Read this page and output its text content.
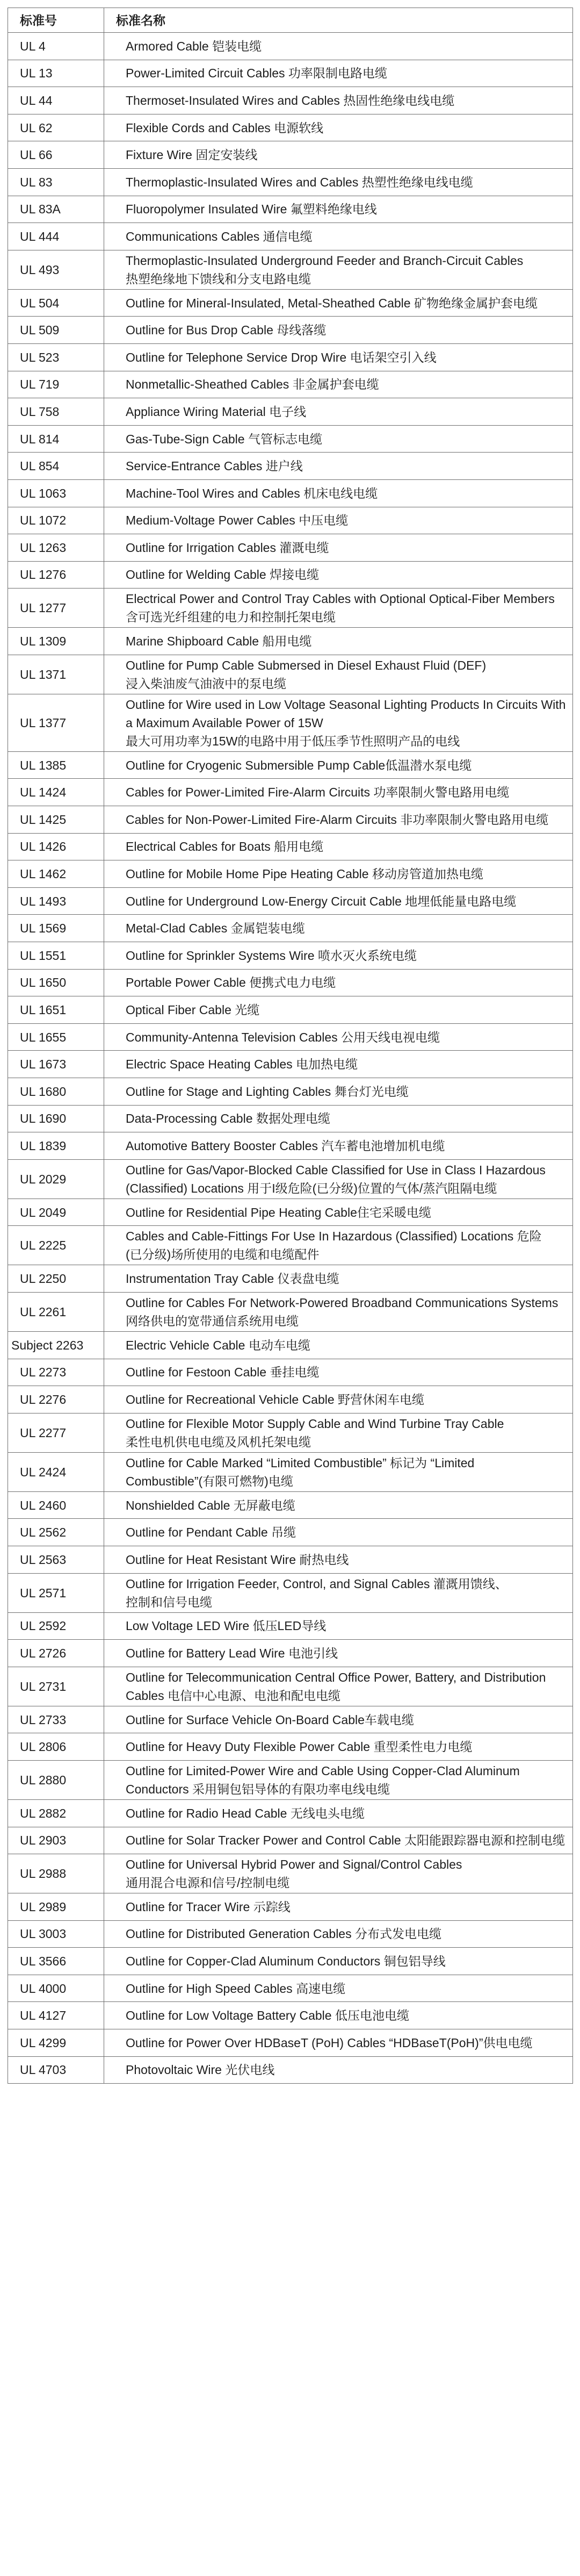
标准号	标准名称
UL 4	Armored Cable 铠装电缆
UL 13	Power-Limited Circuit Cables 功率限制电路电缆
UL 44	Thermoset-Insulated Wires and Cables 热固性绝缘电线电缆
UL 62	Flexible Cords and Cables 电源软线
UL 66	Fixture Wire 固定安装线
UL 83	Thermoplastic-Insulated Wires and Cables 热塑性绝缘电线电缆
UL 83A	Fluoropolymer Insulated Wire 氟塑料绝缘电线
UL 444	Communications Cables 通信电缆
UL 493	Thermoplastic-Insulated Underground Feeder and Branch-Circuit Cables 热塑绝缘地下馈线和分支电路电缆
UL 504	Outline for Mineral-Insulated, Metal-Sheathed Cable 矿物绝缘金属护套电缆
UL 509	Outline for Bus Drop Cable 母线落缆
UL 523	Outline for Telephone Service Drop Wire 电话架空引入线
UL 719	Nonmetallic-Sheathed Cables 非金属护套电缆
UL 758	Appliance Wiring Material 电子线
UL 814	Gas-Tube-Sign Cable 气管标志电缆
UL 854	Service-Entrance Cables 进户线
UL 1063	Machine-Tool Wires and Cables 机床电线电缆
UL 1072	Medium-Voltage Power Cables 中压电缆
UL 1263	Outline for Irrigation Cables 灌溉电缆
UL 1276	Outline for Welding Cable 焊接电缆
UL 1277	Electrical Power and Control Tray Cables with Optional Optical-Fiber Members 含可选光纤组建的电力和控制托架电缆
UL 1309	Marine Shipboard Cable 船用电缆
UL 1371	Outline for Pump Cable Submersed in Diesel Exhaust Fluid (DEF) 浸入柴油废气油液中的泵电缆
UL 1377	Outline for Wire used in Low Voltage Seasonal Lighting Products In Circuits With a Maximum Available Power of 15W 最大可用功率为15W的电路中用于低压季节性照明产品的电线
UL 1385	Outline for Cryogenic Submersible Pump Cable低温潜水泵电缆
UL 1424	Cables for Power-Limited Fire-Alarm Circuits 功率限制火警电路用电缆
UL 1425	Cables for Non-Power-Limited Fire-Alarm Circuits 非功率限制火警电路用电缆
UL 1426	Electrical Cables for Boats 船用电缆
UL 1462	Outline for Mobile Home Pipe Heating Cable 移动房管道加热电缆
UL 1493	Outline for Underground Low-Energy Circuit Cable 地埋低能量电路电缆
UL 1569	Metal-Clad Cables 金属铠装电缆
UL 1551	Outline for Sprinkler Systems Wire 喷水灭火系统电缆
UL 1650	Portable Power Cable 便携式电力电缆
UL 1651	Optical Fiber Cable 光缆
UL 1655	Community-Antenna Television Cables 公用天线电视电缆
UL 1673	Electric Space Heating Cables 电加热电缆
UL 1680	Outline for Stage and Lighting Cables 舞台灯光电缆
UL 1690	Data-Processing Cable 数据处理电缆
UL 1839	Automotive Battery Booster Cables 汽车蓄电池增加机电缆
UL 2029	Outline for Gas/Vapor-Blocked Cable Classified for Use in Class I Hazardous (Classified) Locations 用于I级危险(已分级)位置的气体/蒸汽阻隔电缆
UL 2049	Outline for Residential Pipe Heating Cable住宅采暖电缆
UL 2225	Cables and Cable-Fittings For Use In Hazardous (Classified) Locations 危险(已分级)场所使用的电缆和电缆配件
UL 2250	Instrumentation Tray Cable 仪表盘电缆
UL 2261	Outline for Cables For Network-Powered Broadband Communications Systems 网络供电的宽带通信系统用电缆
Subject 2263	Electric Vehicle Cable 电动车电缆
UL 2273	Outline for Festoon Cable 垂挂电缆
UL 2276	Outline for Recreational Vehicle Cable 野营休闲车电缆
UL 2277	Outline for Flexible Motor Supply Cable and Wind Turbine Tray Cable 柔性电机供电电缆及风机托架电缆
UL 2424	Outline for Cable Marked “Limited Combustible” 标记为 “Limited Combustible”(有限可燃物)电缆
UL 2460	Nonshielded Cable 无屏蔽电缆
UL 2562	Outline for Pendant Cable 吊缆
UL 2563	Outline for Heat Resistant Wire 耐热电线
UL 2571	Outline for Irrigation Feeder, Control, and Signal Cables 灌溉用馈线、控制和信号电缆
UL 2592	Low Voltage LED Wire 低压LED导线
UL 2726	Outline for Battery Lead Wire 电池引线
UL 2731	Outline for Telecommunication Central Office Power, Battery, and Distribution Cables 电信中心电源、电池和配电电缆
UL 2733	Outline for Surface Vehicle On-Board Cable车载电缆
UL 2806	Outline for Heavy Duty Flexible Power Cable 重型柔性电力电缆
UL 2880	Outline for Limited-Power Wire and Cable Using Copper-Clad Aluminum Conductors 采用铜包铝导体的有限功率电线电缆
UL 2882	Outline for Radio Head Cable 无线电头电缆
UL 2903	Outline for Solar Tracker Power and Control Cable 太阳能跟踪器电源和控制电缆
UL 2988	Outline for Universal Hybrid Power and Signal/Control Cables 通用混合电源和信号/控制电缆
UL 2989	Outline for Tracer Wire 示踪线
UL 3003	Outline for Distributed Generation Cables 分布式发电电缆
UL 3566	Outline for Copper-Clad Aluminum Conductors 铜包铝导线
UL 4000	Outline for High Speed Cables 高速电缆
UL 4127	Outline for Low Voltage Battery Cable 低压电池电缆
UL 4299	Outline for Power Over HDBaseT (PoH) Cables “HDBaseT(PoH)”供电电缆
UL 4703	Photovoltaic Wire 光伏电线
